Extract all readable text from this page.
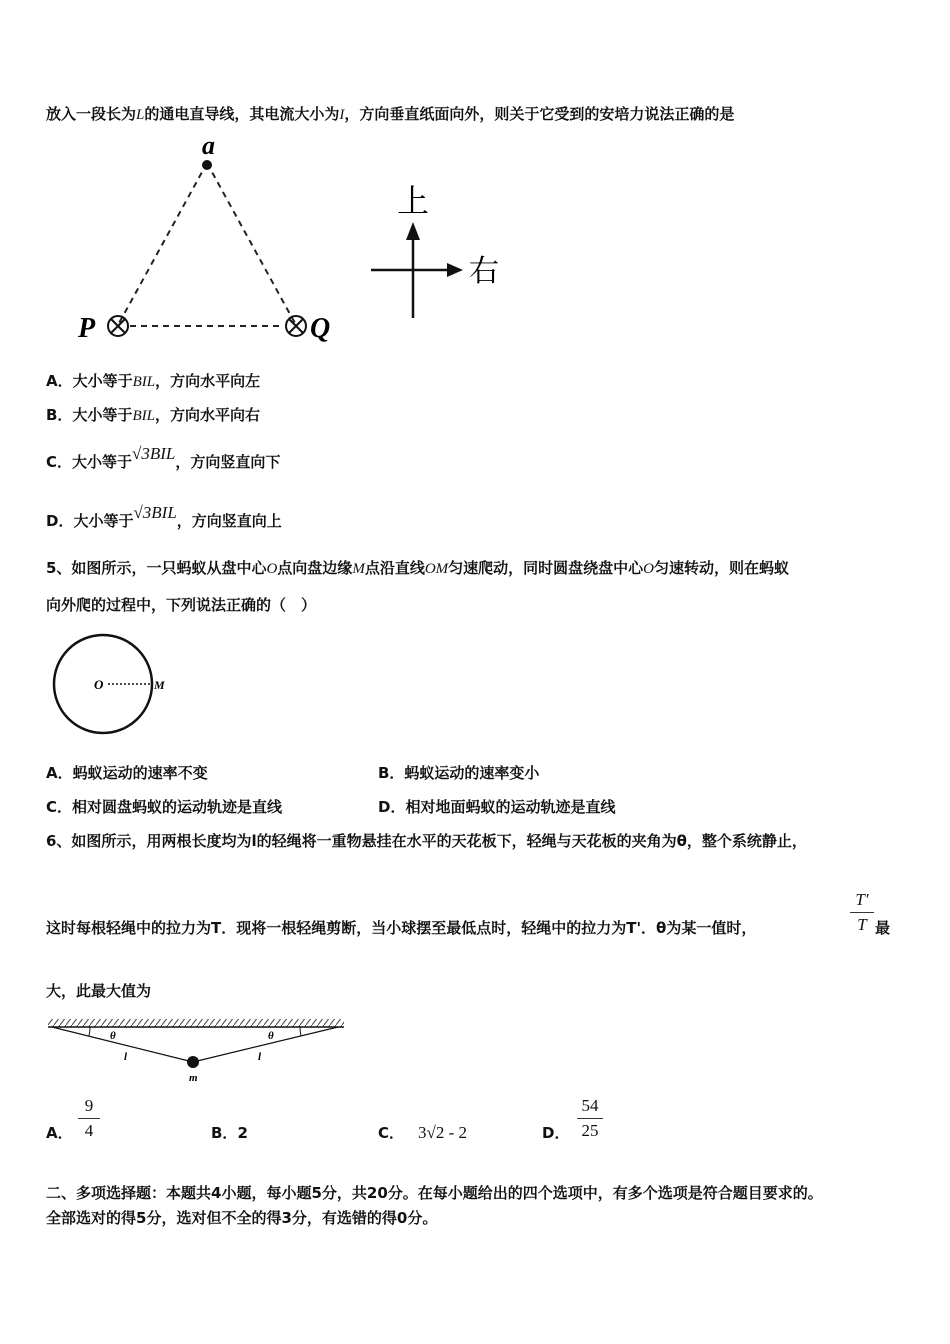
放入一段长为L的通电直导线，其电流大小为I，方向垂直纸面向外，则关于它受到的安培力说法正确的是
a
P	Q
上
右
A．大小等于BIL，方向水平向左
B．大小等于BIL，方向水平向右
C．大小等于√3BIL，方向竖直向下
D．大小等于√3BIL，方向竖直向上
5、如图所示，一只蚂蚁从盘中心O点向盘边缘M点沿直线OM匀速爬动，同时圆盘绕盘中心O匀速转动，则在蚂蚁
向外爬的过程中，下列说法正确的（　）
O	M
A．蚂蚁运动的速率不变	B．蚂蚁运动的速率变小
C．相对圆盘蚂蚁的运动轨迹是直线	D．相对地面蚂蚁的运动轨迹是直线
6、如图所示，用两根长度均为l的轻绳将一重物悬挂在水平的天花板下，轻绳与天花板的夹角为θ，整个系统静止，
这时每根轻绳中的拉力为T．现将一根轻绳剪断，当小球摆至最低点时，轻绳中的拉力为T'．θ为某一值时，
T′
T 最
大，此最大值为
θ	θ
l	l
m
A．
9
4	B．2	C． 3√2 - 2	D．
54
25
二、多项选择题：本题共4小题，每小题5分，共20分。在每小题给出的四个选项中，有多个选项是符合题目要求的。
全部选对的得5分，选对但不全的得3分，有选错的得0分。
